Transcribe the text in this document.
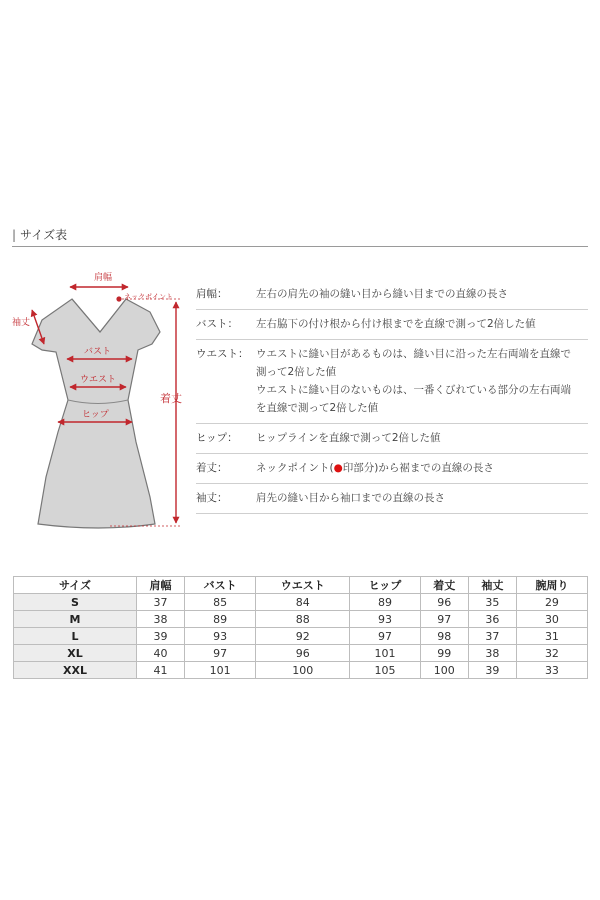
| サイズ表
肩幅
ネックポイント
袖丈
バスト
ウエスト
ヒップ
着丈
肩幅：	左右の肩先の袖の縫い目から縫い目までの直線の長さ
バスト：	左右脇下の付け根から付け根までを直線で測って2倍した値
ウエスト： ウエストに縫い目があるものは、縫い目に沿った左右両端を直線で
測って2倍した値
ウエストに縫い目のないものは、一番くびれている部分の左右両端
を直線で測って2倍した値
ヒップ：	ヒップラインを直線で測って2倍した値
着丈：	ネックポイント(●印部分)から裾までの直線の長さ
袖丈：	肩先の縫い目から袖口までの直線の長さ
サイズ	肩幅	バスト	ウエスト	ヒップ	着丈	袖丈	腕周り
S	37	85	84	89	96	35	29
M	38	89	88	93	97	36	30
L	39	93	92	97	98	37	31
XL	40	97	96	101	99	38	32
XXL	41	101	100	105	100	39	33
